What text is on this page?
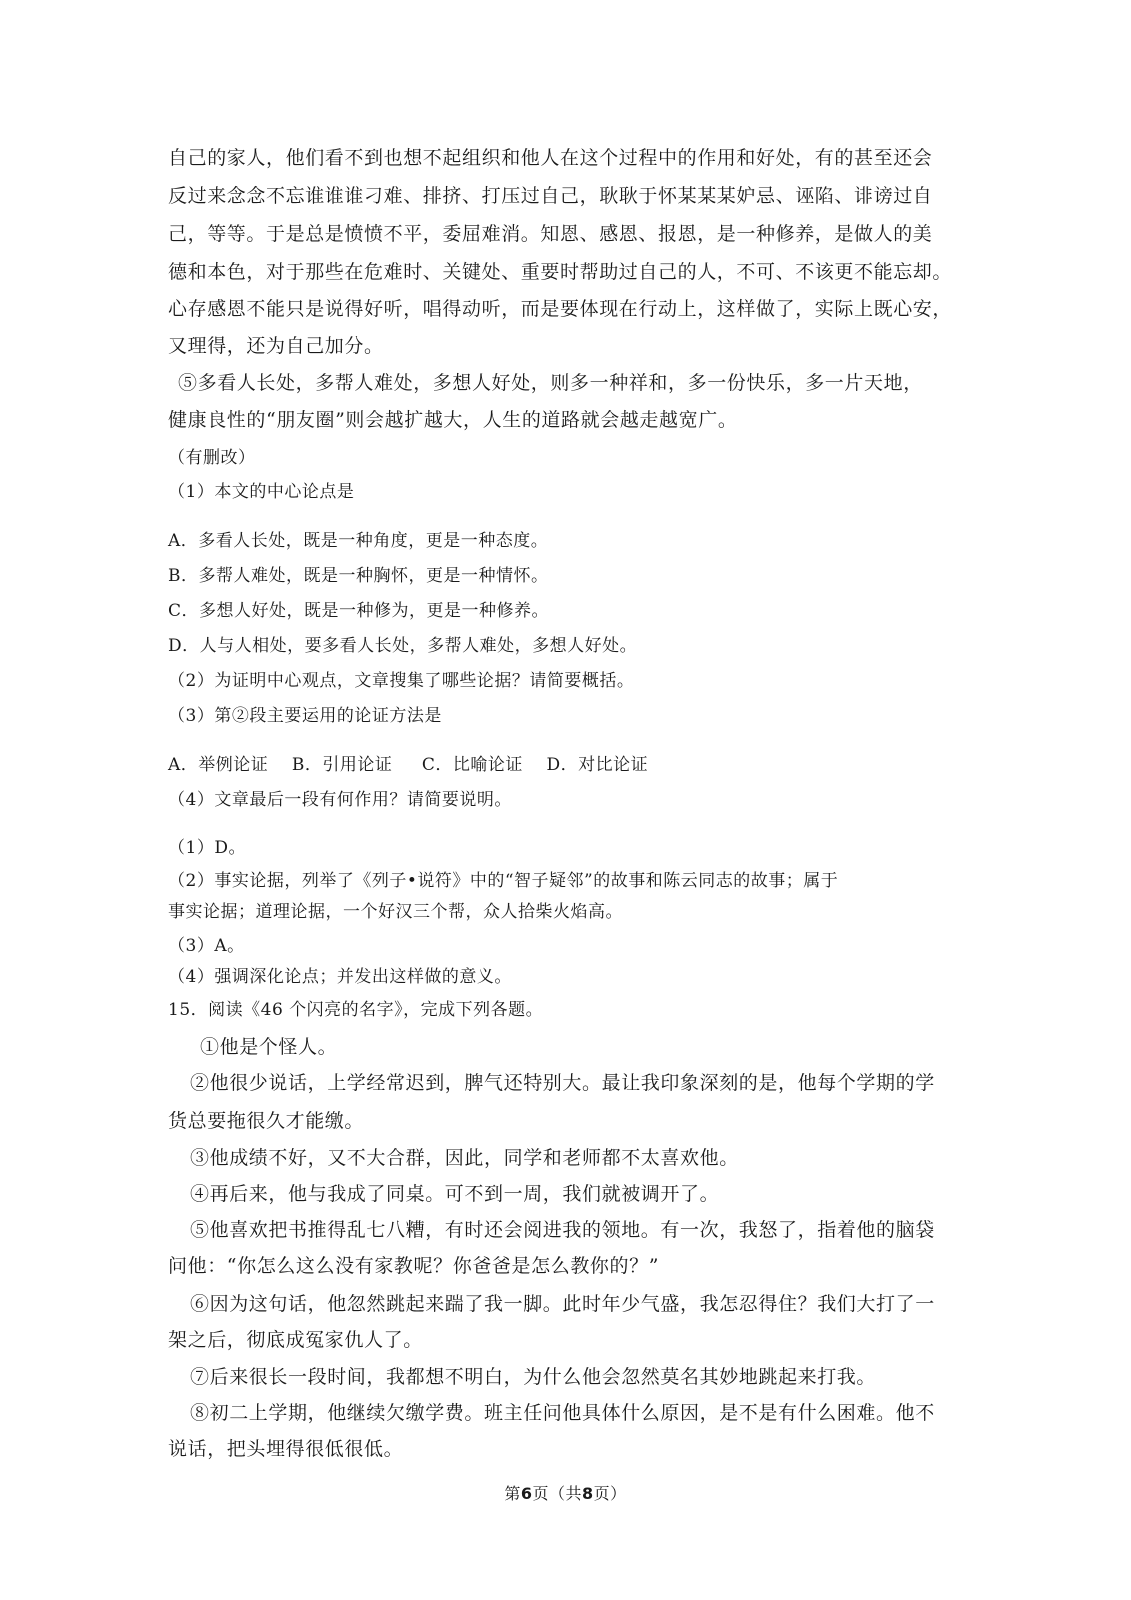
自己的家人，他们看不到也想不起组织和他人在这个过程中的作用和好处，有的甚至还会
反过来念念不忘谁谁谁刁难、排挤、打压过自己，耿耿于怀某某某妒忌、诬陷、诽谤过自
己，等等。于是总是愤愤不平，委屈难消。知恩、感恩、报恩，是一种修养，是做人的美
德和本色，对于那些在危难时、关键处、重要时帮助过自己的人，不可、不该更不能忘却。
心存感恩不能只是说得好听，唱得动听，而是要体现在行动上，这样做了，实际上既心安，
又理得，还为自己加分。
⑤多看人长处，多帮人难处，多想人好处，则多一种祥和，多一份快乐，多一片天地，
健康良性的“朋友圈”则会越扩越大，人生的道路就会越走越宽广。
（有删改）
（1）本文的中心论点是
A．多看人长处，既是一种角度，更是一种态度。
B．多帮人难处，既是一种胸怀，更是一种情怀。
C．多想人好处，既是一种修为，更是一种修养。
D．人与人相处，要多看人长处，多帮人难处，多想人好处。
（2）为证明中心观点，文章搜集了哪些论据？请简要概括。
（3）第②段主要运用的论证方法是
A．举例论证    B．引用论证     C．比喻论证    D．对比论证
（4）文章最后一段有何作用？请简要说明。
（1）D。
（2）事实论据，列举了《列子•说符》中的“智子疑邻”的故事和陈云同志的故事；属于
事实论据；道理论据，一个好汉三个帮，众人拾柴火焰高。
（3）A。
（4）强调深化论点；并发出这样做的意义。
15．阅读《46 个闪亮的名字》，完成下列各题。
①他是个怪人。
②他很少说话，上学经常迟到，脾气还特别大。最让我印象深刻的是，他每个学期的学
货总要拖很久才能缴。
③他成绩不好，又不大合群，因此，同学和老师都不太喜欢他。
④再后来，他与我成了同桌。可不到一周，我们就被调开了。
⑤他喜欢把书推得乱七八糟，有时还会阅进我的领地。有一次，我怒了，指着他的脑袋
问他：“你怎么这么没有家教呢？你爸爸是怎么教你的？”
⑥因为这句话，他忽然跳起来踹了我一脚。此时年少气盛，我怎忍得住？我们大打了一
架之后，彻底成冤家仇人了。
⑦后来很长一段时间，我都想不明白，为什么他会忽然莫名其妙地跳起来打我。
⑧初二上学期，他继续欠缴学费。班主任问他具体什么原因，是不是有什么困难。他不
说话，把头埋得很低很低。
第6页（共8页）
